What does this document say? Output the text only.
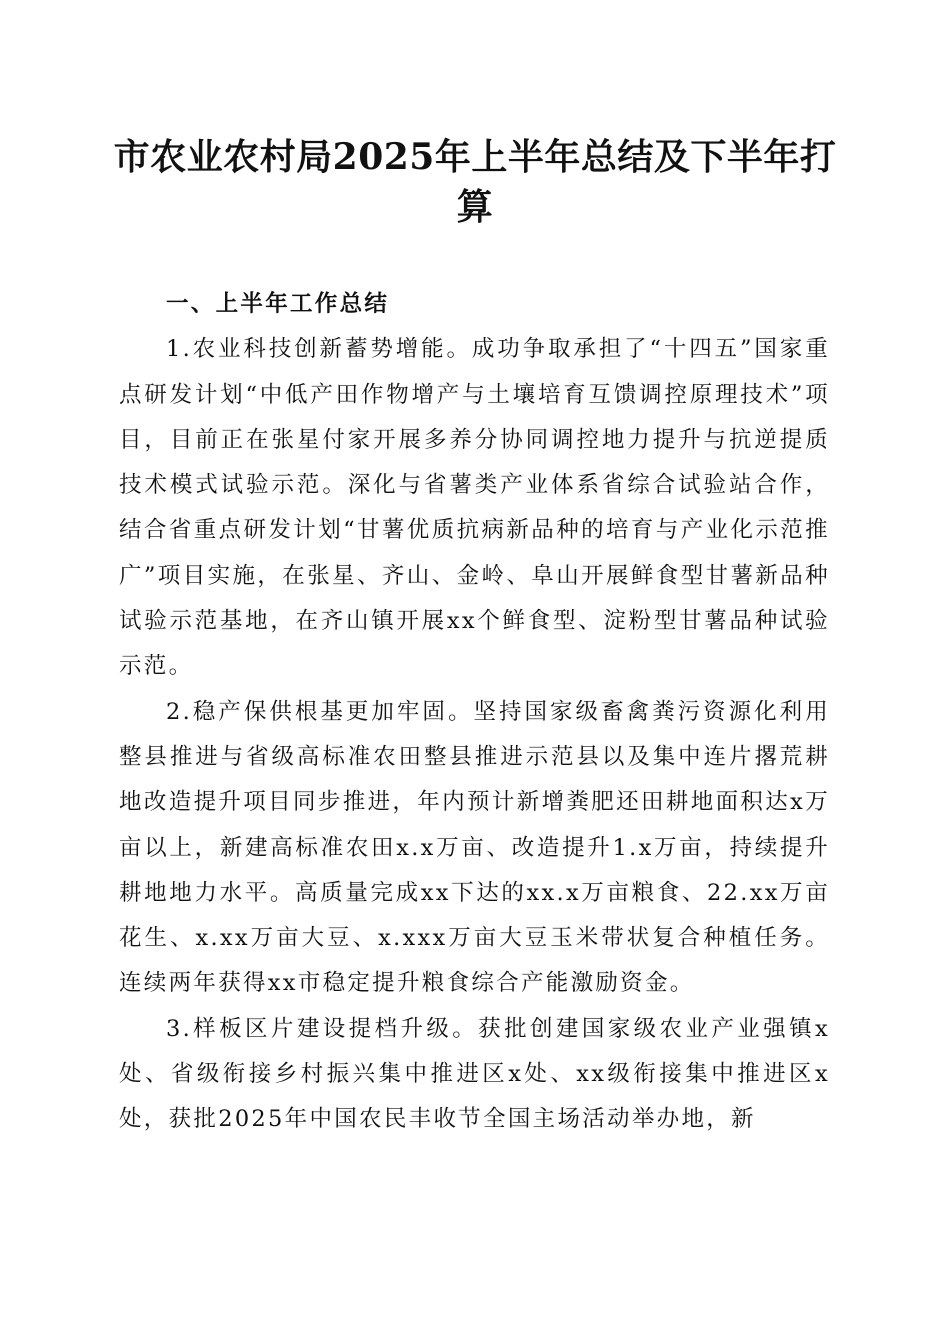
市农业农村局2025年上半年总结及下半年打算

一、上半年工作总结

1.农业科技创新蓄势增能。成功争取承担了“十四五”国家重点研发计划“中低产田作物增产与土壤培育互馈调控原理技术”项目，目前正在张星付家开展多养分协同调控地力提升与抗逆提质技术模式试验示范。深化与省薯类产业体系省综合试验站合作，结合省重点研发计划“甘薯优质抗病新品种的培育与产业化示范推广”项目实施，在张星、齐山、金岭、阜山开展鲜食型甘薯新品种试验示范基地，在齐山镇开展xx个鲜食型、淀粉型甘薯品种试验示范。

2.稳产保供根基更加牢固。坚持国家级畜禽粪污资源化利用整县推进与省级高标准农田整县推进示范县以及集中连片撂荒耕地改造提升项目同步推进，年内预计新增粪肥还田耕地面积达x万亩以上，新建高标准农田x.x万亩、改造提升1.x万亩，持续提升耕地地力水平。高质量完成xx下达的xx.x万亩粮食、22.xx万亩花生、x.xx万亩大豆、x.xxx万亩大豆玉米带状复合种植任务。连续两年获得xx市稳定提升粮食综合产能激励资金。

3.样板区片建设提档升级。获批创建国家级农业产业强镇x处、省级衔接乡村振兴集中推进区x处、xx级衔接集中推进区x处，获批2025年中国农民丰收节全国主场活动举办地，新
